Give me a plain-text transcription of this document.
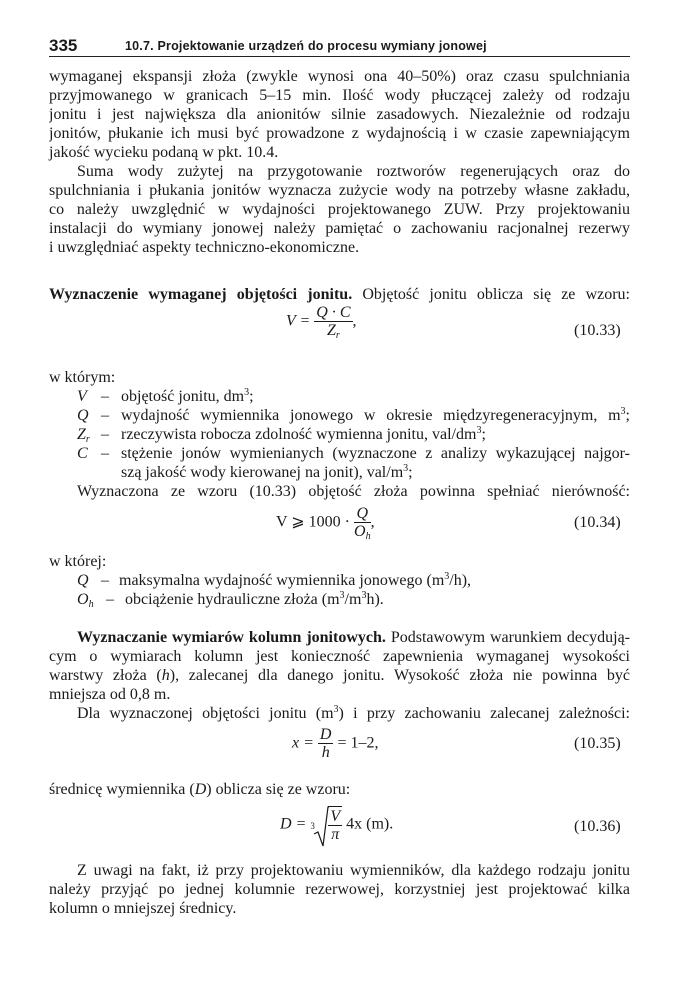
335	10.7. Projektowanie urządzeń do procesu wymiany jonowej
wymaganej ekspansji złoża (zwykle wynosi ona 40–50%) oraz czasu spulchniania
przyjmowanego w granicach 5–15 min. Ilość wody płuczącej zależy od rodzaju
jonitu i jest największa dla anionitów silnie zasadowych. Niezależnie od rodzaju
jonitów, płukanie ich musi być prowadzone z wydajnością i w czasie zapewniającym
jakość wycieku podaną w pkt. 10.4.
Suma wody zużytej na przygotowanie roztworów regenerujących oraz do
spulchniania i płukania jonitów wyznacza zużycie wody na potrzeby własne zakładu,
co należy uwzględnić w wydajności projektowanego ZUW. Przy projektowaniu
instalacji do wymiany jonowej należy pamiętać o zachowaniu racjonalnej rezerwy
i uwzględniać aspekty techniczno-ekonomiczne.
Wyznaczenie wymaganej objętości jonitu. Objętość jonitu oblicza się ze wzoru:
$V = \frac{Q \cdot C}{Z_r}$ ,
(10.33)
w którym:
V – objętość jonitu, $dm^3$;
Q – wydajność wymiennika jonowego w okresie międzyregeneracyjnym, $m^3$;
$Z_r$ – rzeczywista robocza zdolność wymienna jonitu, val/$dm^3$;
C – stężenie jonów wymienianych (wyznaczone z analizy wykazującej najgor-
szą jakość wody kierowanej na jonit), val/$m^3$;
Wyznaczona ze wzoru (10.33) objętość złoża powinna spełniać nierówność:
V ⩾ $1000 \cdot \frac{Q}{O_h}$ ,	(10.34)
w której:
Q – maksymalna wydajność wymiennika jonowego $(m^3/h)$,
$O_h$ – obciążenie hydrauliczne złoża $(m^3/m^3h)$.
Wyznaczanie wymiarów kolumn jonitowych. Podstawowym warunkiem decydują-
cym o wymiarach kolumn jest konieczność zapewnienia wymaganej wysokości
warstwy złoża (h), zalecanej dla danego jonitu. Wysokość złoża nie powinna być
mniejsza od 0,8 m.
Dla wyznaczonej objętości jonitu $(m^3)$ i przy zachowaniu zalecanej zależności:
$x = \frac{D}{h} = 1-2$,	(10.35)
średnicę wymiennika (D) oblicza się ze wzoru:
$D = 3 \frac{V}{\pi} 4x$ (m).	(10.36)
Z uwagi na fakt, iż przy projektowaniu wymienników, dla każdego rodzaju jonitu
należy przyjąć po jednej kolumnie rezerwowej, korzystniej jest projektować kilka
kolumn o mniejszej średnicy.
